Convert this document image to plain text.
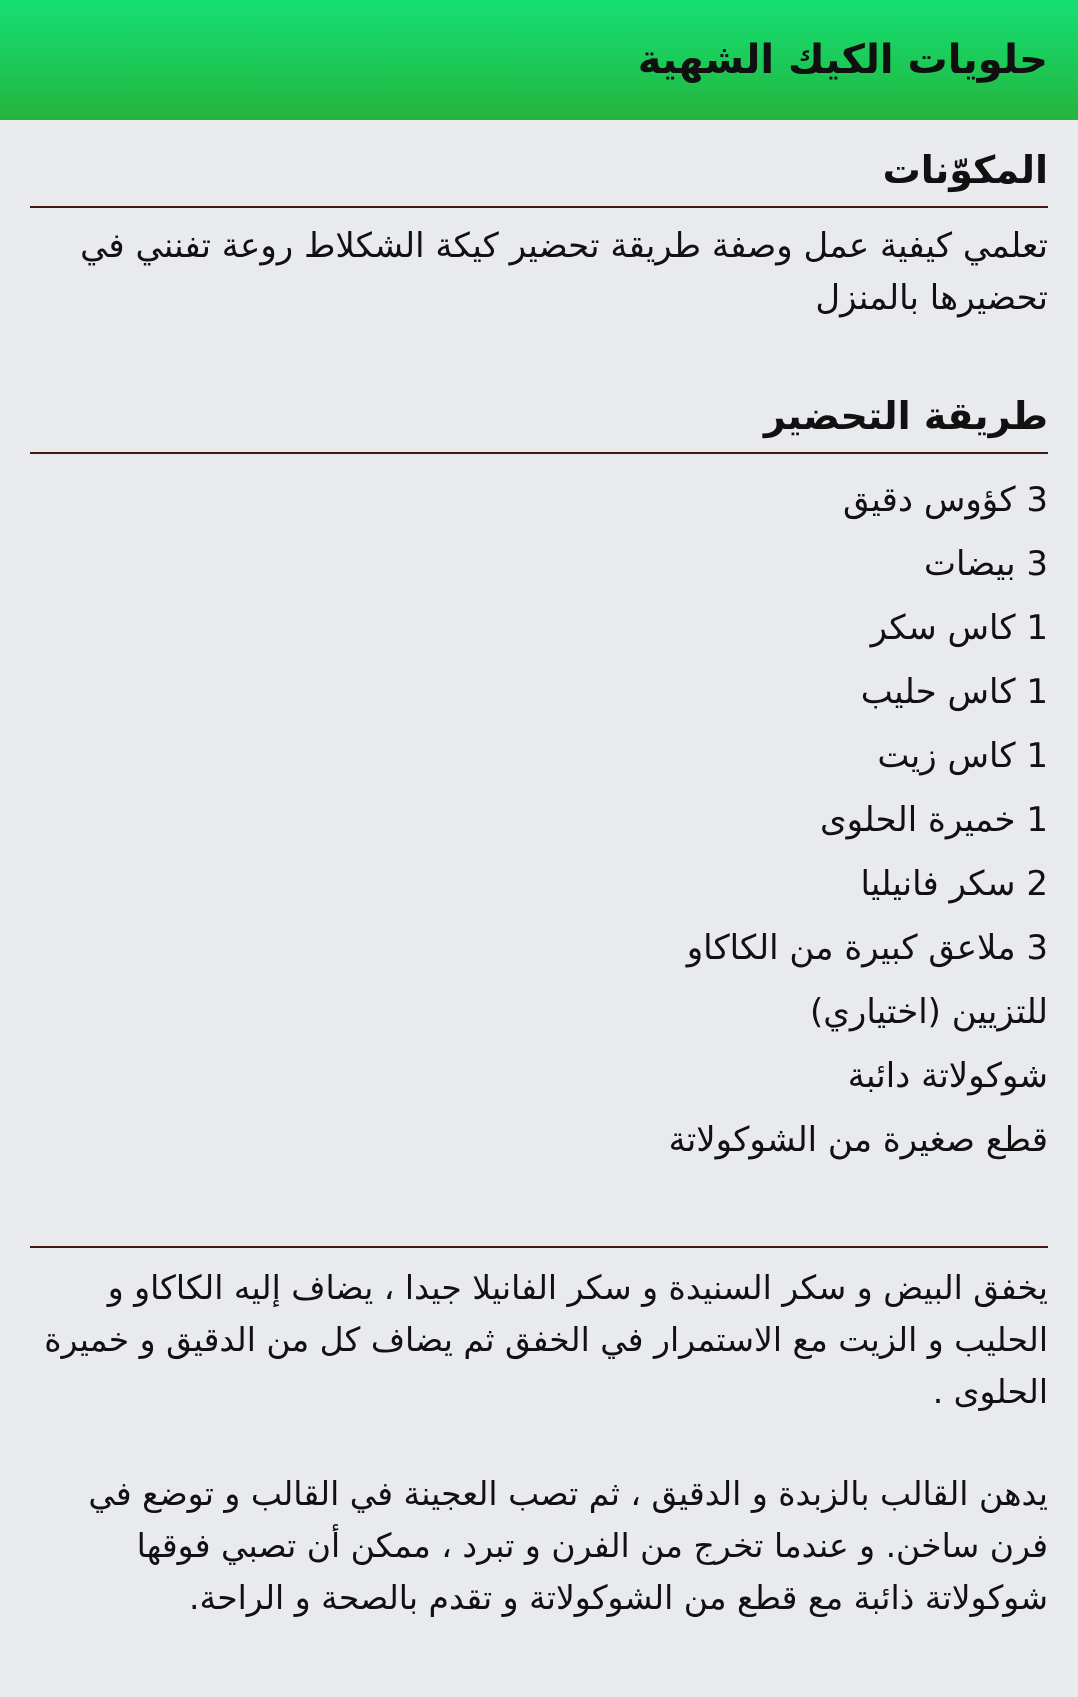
حلويات الكيك الشهية
المكوّنات

تعلمي كيفية عمل وصفة طريقة تحضير كيكة الشكلاط روعة تفنني في تحضيرها بالمنزل

طريقة التحضير
3 كؤوس دقيق
3 بيضات
1 كاس سكر
1 كاس حليب
1 كاس زيت
1 خميرة الحلوى
2 سكر فانيليا
3 ملاعق كبيرة من الكاكاو
للتزيين (اختياري)
شوكولاتة دائبة
قطع صغيرة من الشوكولاتة

يخفق البيض و سكر السنيدة و سكر الفانيلا جيدا ، يضاف إليه الكاكاو و الحليب و الزيت مع الاستمرار في الخفق ثم يضاف كل من الدقيق و خميرة الحلوى .

يدهن القالب بالزبدة و الدقيق ، ثم تصب العجينة في القالب و توضع في فرن ساخن. و عندما تخرج من الفرن و تبرد ، ممكن أن تصبي فوقها شوكولاتة ذائبة مع قطع من الشوكولاتة و تقدم بالصحة و الراحة.
